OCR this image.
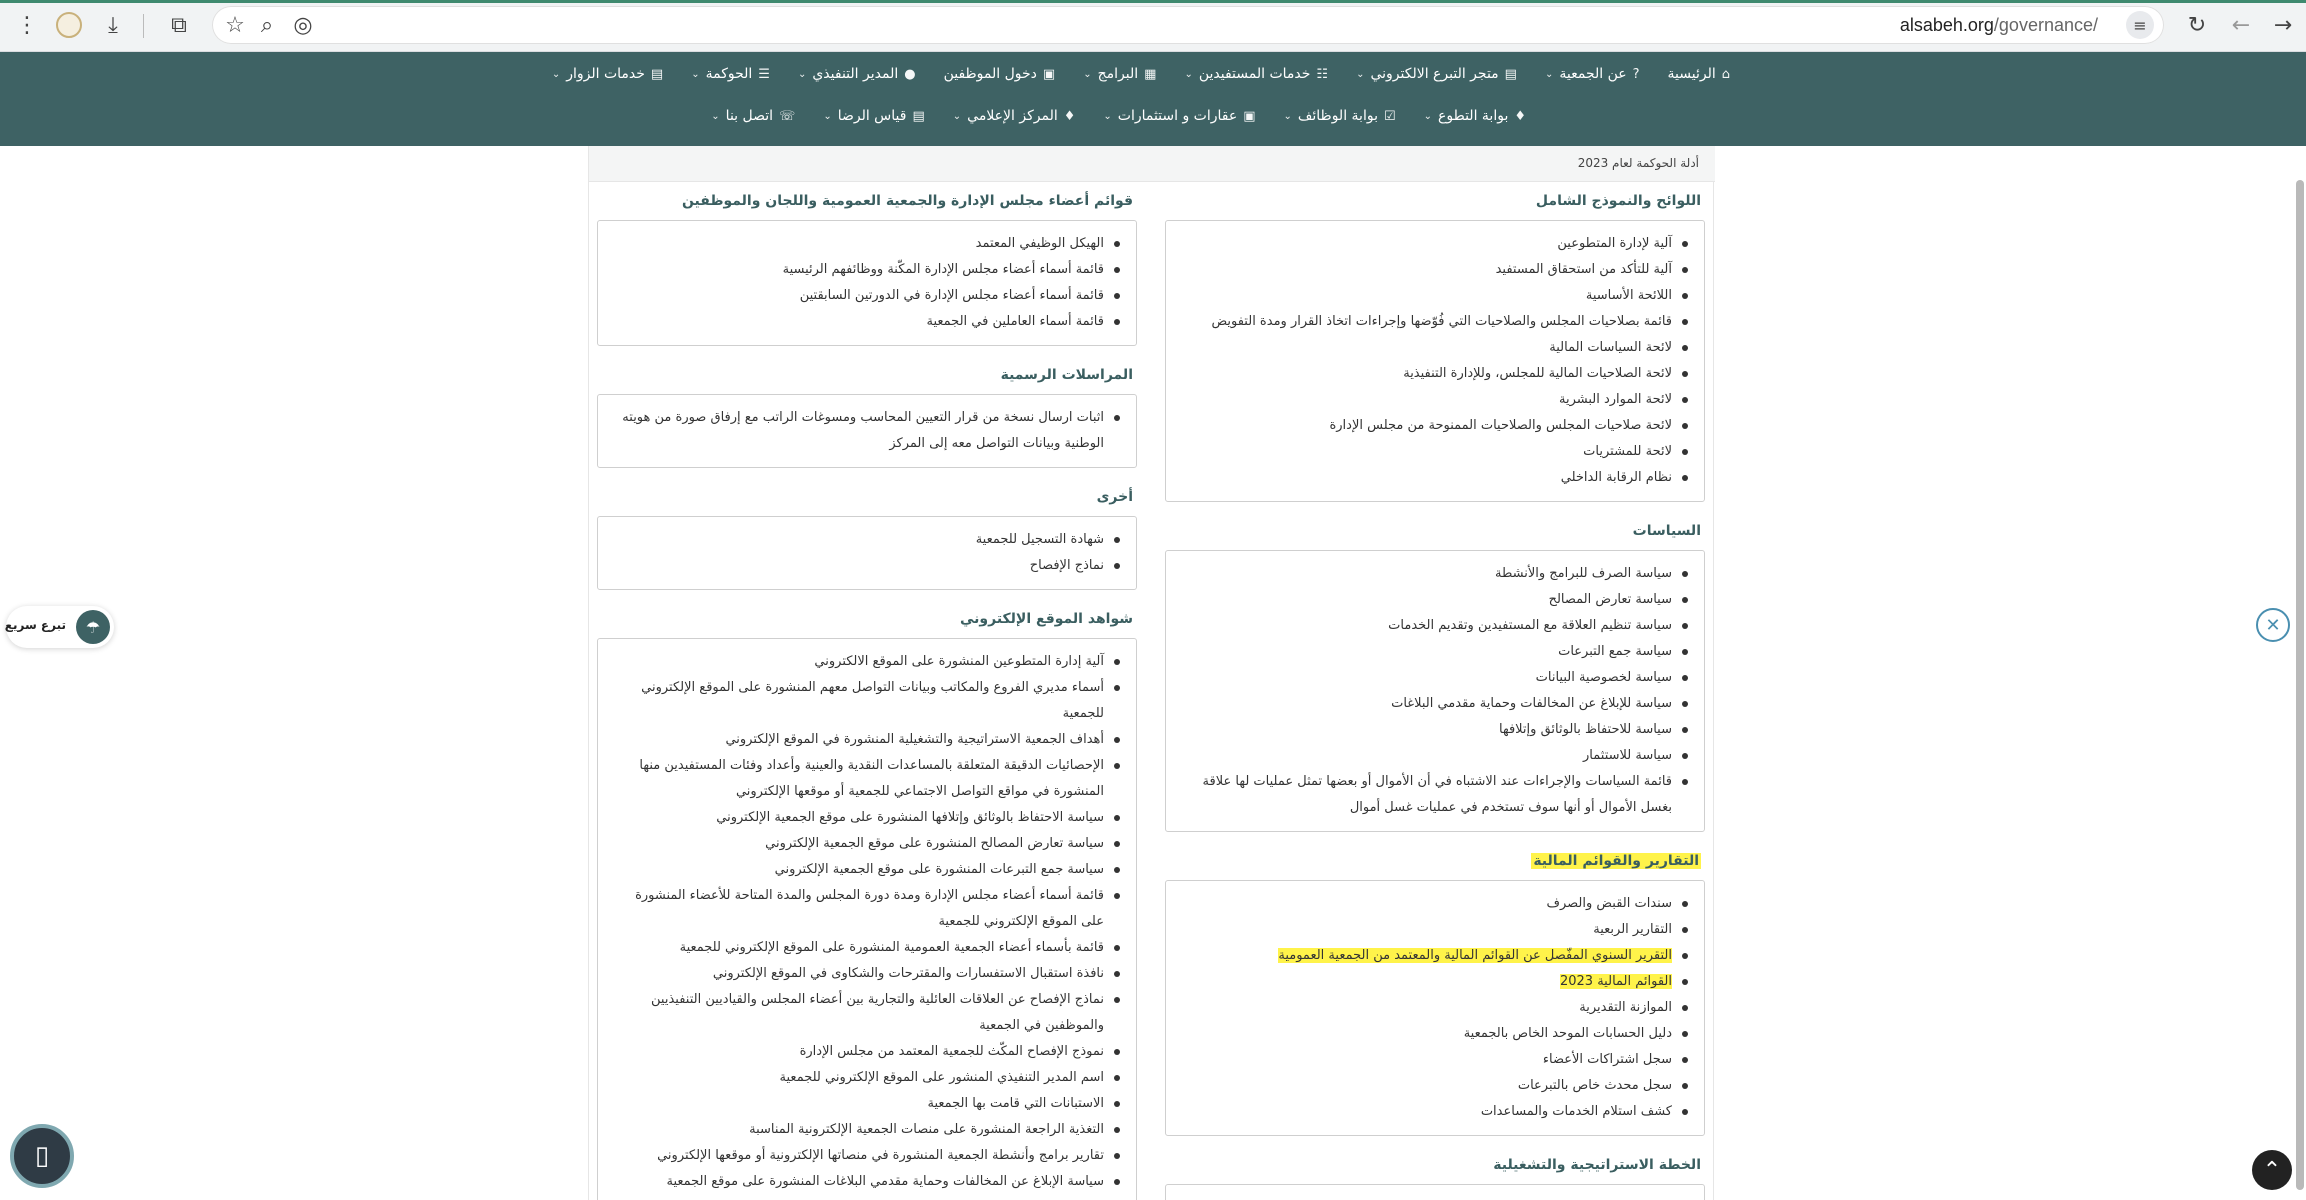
⋮	⤓	⧉	☆ ⌕ ◎	alsabeh.org/governance/	≡	↻ ← →
⌂
الرئيسية
?
عن الجمعية
⌄
▤
متجر التبرع الالكتروني
⌄
☷
خدمات المستفيدين
⌄
▦
البرامج
⌄
▣
دخول الموظفين
●
المدير التنفيذي
⌄
☰
الحوكمة
⌄
▤
خدمات الزوار
⌄
♦
بوابة التطوع
⌄
☑
بوابة الوظائف
⌄
▣
عقارات و استثمارات
⌄
♦
المركز الإعلامي
⌄
▤
قياس الرضا
⌄
☏
اتصل بنا
⌄
أدلة الحوكمة لعام 2023
اللوائح والنموذج الشامل
آلية لإدارة المتطوعين
آلية للتأكد من استحقاق المستفيد
اللائحة الأساسية
قائمة بصلاحيات المجلس والصلاحيات التي فُوّضها وإجراءات اتخاذ القرار ومدة التفويض
لائحة السياسات المالية
لائحة الصلاحيات المالية للمجلس، وللإدارة التنفيذية
لائحة الموارد البشرية
لائحة صلاحيات المجلس والصلاحيات الممنوحة من مجلس الإدارة
لائحة للمشتريات
نظام الرقابة الداخلي
السياسات
سياسة الصرف للبرامج والأنشطة
سياسة تعارض المصالح
سياسة تنظيم العلاقة مع المستفيدين وتقديم الخدمات
سياسة جمع التبرعات
سياسة لخصوصية البيانات
سياسة للإبلاغ عن المخالفات وحماية مقدمي البلاغات
سياسة للاحتفاظ بالوثائق وإتلافها
سياسة للاستثمار
قائمة السياسات والإجراءات عند الاشتباه في أن الأموال أو بعضها تمثل عمليات لها علاقة بغسل الأموال أو أنها سوف تستخدم في عمليات غسل أموال
التقارير والقوائم المالية
سندات القبض والصرف
التقارير الربعية
التقرير السنوي المفّصل عن القوائم المالية والمعتمد من الجمعية العمومية
القوائم المالية 2023
الموازنة التقديرية
دليل الحسابات الموحد الخاص بالجمعية
سجل اشتراكات الأعضاء
سجل محدث خاص بالتبرعات
كشف استلام الخدمات والمساعدات
الخطة الاستراتيجية والتشغيلية
قوائم أعضاء مجلس الإدارة والجمعية العمومية واللجان والموظفين
الهيكل الوظيفي المعتمد
قائمة أسماء أعضاء مجلس الإدارة المكّنة ووظائفهم الرئيسية
قائمة أسماء أعضاء مجلس الإدارة في الدورتين السابقتين
قائمة أسماء العاملين في الجمعية
المراسلات الرسمية
اثبات ارسال نسخة من قرار التعيين المحاسب ومسوغات الراتب مع إرفاق صورة من هويته الوطنية وبيانات التواصل معه إلى المركز
أخرى
شهادة التسجيل للجمعية
نماذج الإفصاح
شواهد الموقع الإلكتروني
آلية إدارة المتطوعين المنشورة على الموقع الالكتروني
أسماء مديري الفروع والمكاتب وبيانات التواصل معهم المنشورة على الموقع الإلكتروني للجمعية
أهداف الجمعية الاستراتيجية والتشغيلية المنشورة في الموقع الإلكتروني
الإحصائيات الدقيقة المتعلقة بالمساعدات النقدية والعينية وأعداد وفئات المستفيدين منها المنشورة في مواقع التواصل الاجتماعي للجمعية أو موقعها الإلكتروني
سياسة الاحتفاظ بالوثائق وإتلافها المنشورة على موقع الجمعية الإلكتروني
سياسة تعارض المصالح المنشورة على موقع الجمعية الإلكتروني
سياسة جمع التبرعات المنشورة على موقع الجمعية الإلكتروني
قائمة أسماء أعضاء مجلس الإدارة ومدة دورة المجلس والمدة المتاحة للأعضاء المنشورة على الموقع الإلكتروني للجمعية
قائمة بأسماء أعضاء الجمعية العمومية المنشورة على الموقع الإلكتروني للجمعية
نافذة استقبال الاستفسارات والمقترحات والشكاوى في الموقع الإلكتروني
نماذج الإفصاح عن العلاقات العائلية والتجارية بين أعضاء المجلس والقياديين التنفيذيين والموظفين في الجمعية
نموذج الإفصاح المكّث للجمعية المعتمد من مجلس الإدارة
اسم المدير التنفيذي المنشور على الموقع الإلكتروني للجمعية
الاستبانات التي قامت بها الجمعية
التغذية الراجعة المنشورة على منصات الجمعية الإلكترونية المناسبة
تقارير برامج وأنشطة الجمعية المنشورة في منصاتها الإلكترونية أو موقعها الإلكتروني
سياسة الإبلاغ عن المخالفات وحماية مقدمي البلاغات المنشورة على موقع الجمعية
☂
تبرع سريع	✕
▯	⌃
